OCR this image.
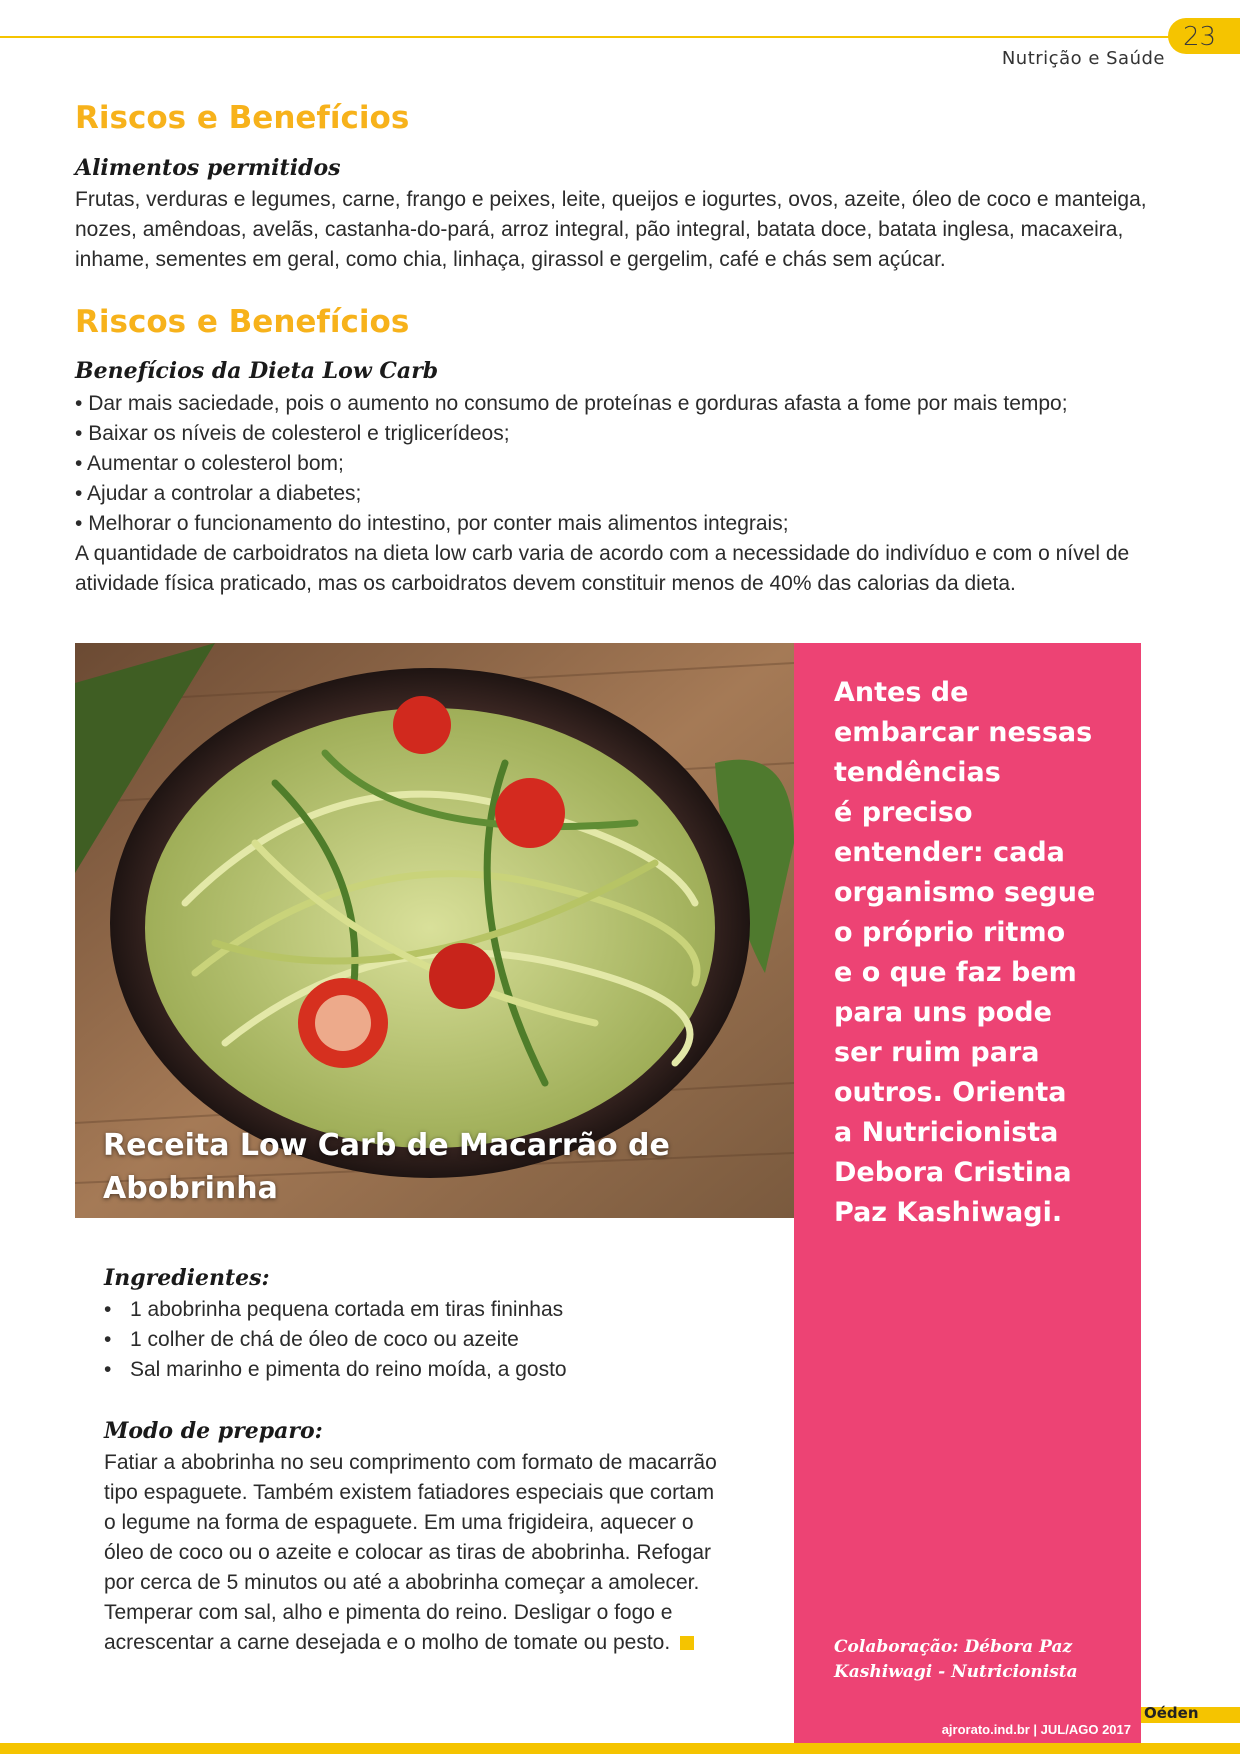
23
Nutrição e Saúde
Riscos e Benefícios
Alimentos permitidos
Frutas, verduras e legumes, carne, frango e peixes, leite, queijos e iogurtes, ovos, azeite, óleo de coco e manteiga, nozes, amêndoas, avelãs, castanha-do-pará, arroz integral, pão integral, batata doce, batata inglesa, macaxeira, inhame, sementes em geral, como chia, linhaça, girassol e gergelim, café e chás sem açúcar.
Riscos e Benefícios
Benefícios da Dieta Low Carb
• Dar mais saciedade, pois o aumento no consumo de proteínas e gorduras afasta a fome por mais tempo;
• Baixar os níveis de colesterol e triglicerídeos;
• Aumentar o colesterol bom;
• Ajudar a controlar a diabetes;
• Melhorar o funcionamento do intestino, por conter mais alimentos integrais;
A quantidade de carboidratos na dieta low carb varia de acordo com a necessidade do indivíduo e com o nível de atividade física praticado, mas os carboidratos devem constituir menos de 40% das calorias da dieta.
Receita Low Carb de Macarrão de Abobrinha
Antes de
embarcar nessas
tendências
é preciso
entender: cada
organismo segue
o próprio ritmo
e o que faz bem
para uns pode
ser ruim para
outros. Orienta
a Nutricionista
Debora Cristina
Paz Kashiwagi.
Colaboração: Débora Paz Kashiwagi - Nutricionista
ajrorato.ind.br | JUL/AGO 2017
Ingredientes:
• 1 abobrinha pequena cortada em tiras fininhas
• 1 colher de chá de óleo de coco ou azeite
• Sal marinho e pimenta do reino moída, a gosto
Modo de preparo:
Fatiar a abobrinha no seu comprimento com formato de macarrão tipo espaguete. Também existem fatiadores especiais que cortam o legume na forma de espaguete. Em uma frigideira, aquecer o óleo de coco ou o azeite e colocar as tiras de abobrinha. Refogar por cerca de 5 minutos ou até a abobrinha começar a amolecer. Temperar com sal, alho e pimenta do reino. Desligar o fogo e acrescentar a carne desejada e o molho de tomate ou pesto.
Oéden
